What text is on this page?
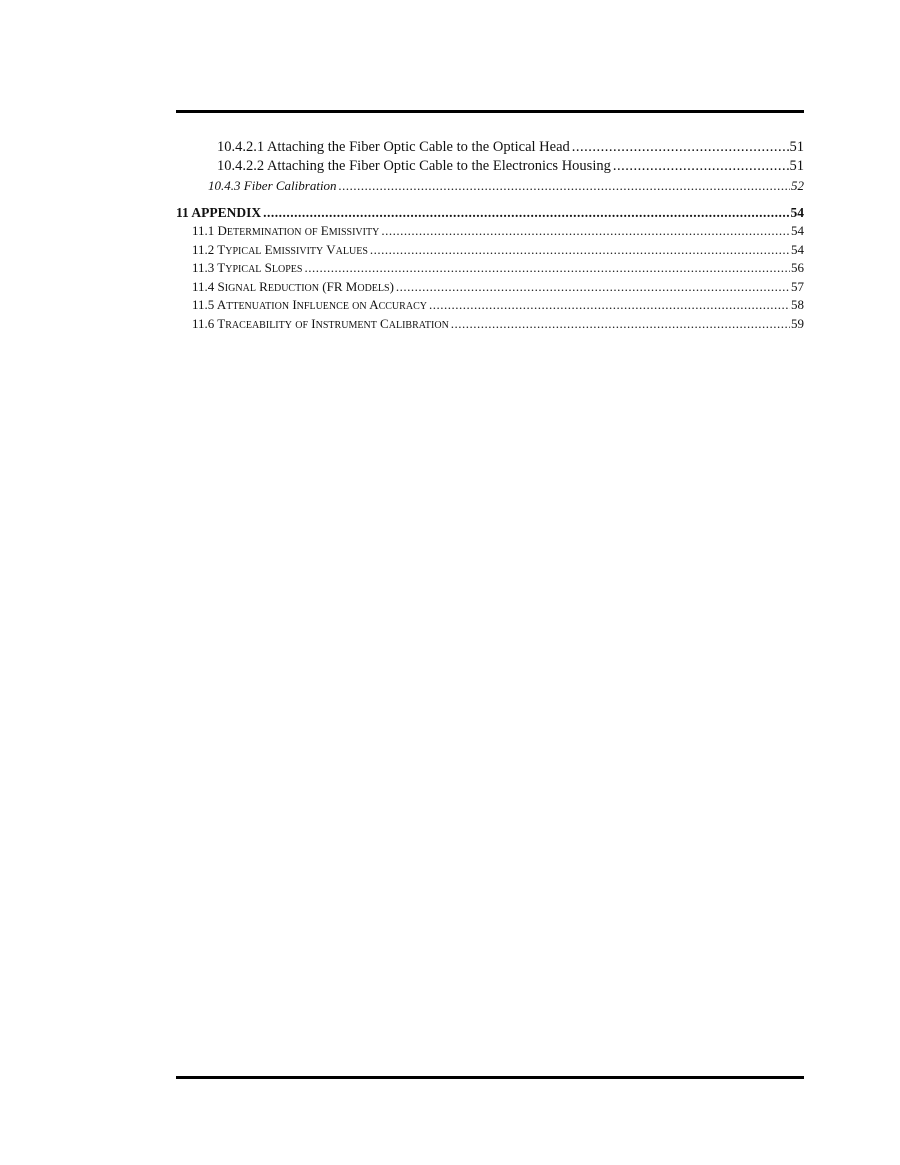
10.4.2.1 Attaching the Fiber Optic Cable to the Optical Head .....	51
10.4.2.2 Attaching the Fiber Optic Cable to the Electronics Housing .....	51
10.4.3 Fiber Calibration .....	52
11 APPENDIX .....	54
11.1 DETERMINATION OF EMISSIVITY .....	54
11.2 TYPICAL EMISSIVITY VALUES .....	54
11.3 TYPICAL SLOPES .....	56
11.4 SIGNAL REDUCTION (FR MODELS) .....	57
11.5 ATTENUATION INFLUENCE ON ACCURACY .....	58
11.6 TRACEABILITY OF INSTRUMENT CALIBRATION .....	59
